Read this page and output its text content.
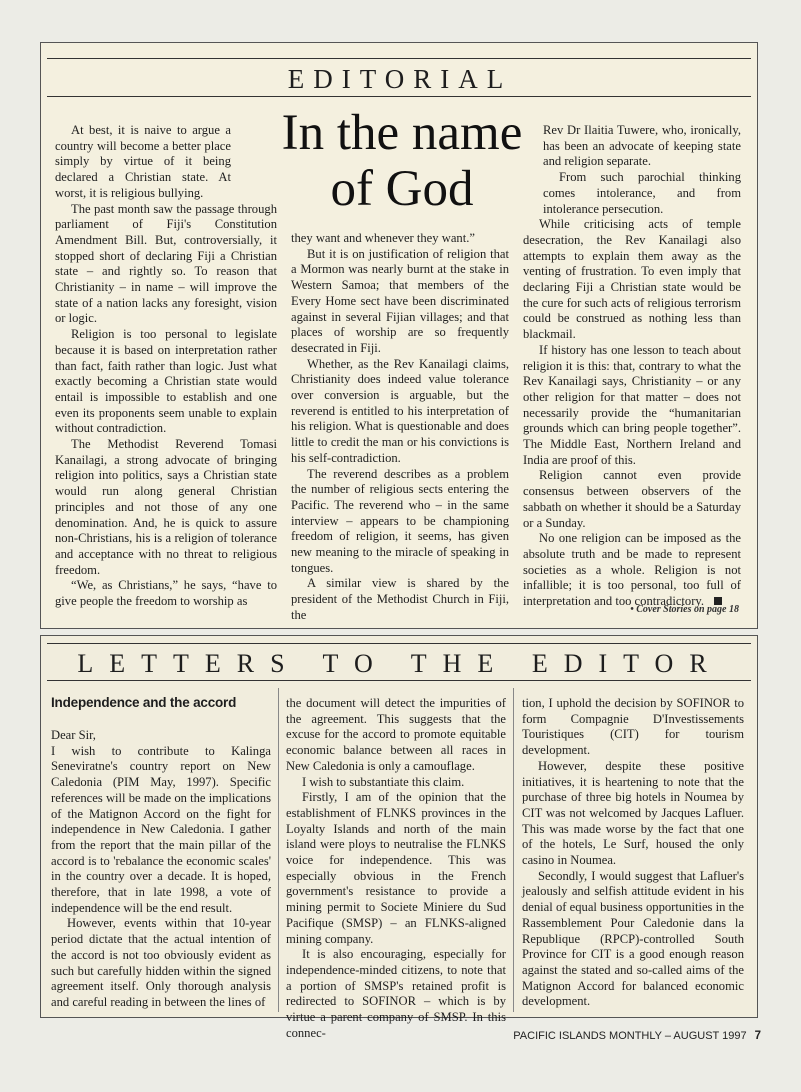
EDITORIAL

At best, it is naive to argue a country will become a better place simply by virtue of it being declared a Christian state. At worst, it is religious bullying.

The past month saw the passage through parliament of Fiji's Constitution Amendment Bill. But, controversially, it stopped short of declaring Fiji a Christian state – and rightly so. To reason that Christianity – in name – will improve the state of a nation lacks any foresight, vision or logic.

Religion is too personal to legislate because it is based on interpretation rather than fact, faith rather than logic. Just what exactly becoming a Christian state would entail is impossible to establish and one even its proponents seem unable to explain without contradiction.

The Methodist Reverend Tomasi Kanailagi, a strong advocate of bringing religion into politics, says a Christian state would run along general Christian principles and not those of any one denomination. And, he is quick to assure non-Christians, his is a religion of tolerance and acceptance with no threat to religious freedom.

“We, as Christians,” he says, “have to give people the freedom to worship as

In the name of God

they want and whenever they want.”

But it is on justification of religion that a Mormon was nearly burnt at the stake in Western Samoa; that members of the Every Home sect have been discriminated against in several Fijian villages; and that places of worship are so frequently desecrated in Fiji.

Whether, as the Rev Kanailagi claims, Christianity does indeed value tolerance over conversion is arguable, but the reverend is entitled to his interpretation of his religion. What is questionable and does little to credit the man or his convictions is his self-contradiction.

The reverend describes as a problem the number of religious sects entering the Pacific. The reverend who – in the same interview – appears to be championing freedom of religion, it seems, has given new meaning to the miracle of speaking in tongues.

A similar view is shared by the president of the Methodist Church in Fiji, the

Rev Dr Ilaitia Tuwere, who, ironically, has been an advocate of keeping state and religion separate.

From such parochial thinking comes intolerance, and from intolerance persecution.

While criticising acts of temple desecration, the Rev Kanailagi also attempts to explain them away as the venting of frustration. To even imply that declaring Fiji a Christian state would be the cure for such acts of religious terrorism could be construed as nothing less than blackmail.

If history has one lesson to teach about religion it is this: that, contrary to what the Rev Kanailagi says, Christianity – or any other religion for that matter – does not necessarily provide the “humanitarian grounds which can bring people together”. The Middle East, Northern Ireland and India are proof of this.

Religion cannot even provide consensus between observers of the sabbath on whether it should be a Saturday or a Sunday.

No one religion can be imposed as the absolute truth and be made to represent societies as a whole. Religion is not infallible; it is too personal, too full of interpretation and too contradictory.

• Cover Stories on page 18
LETTERS TO THE EDITOR
Independence and the accord

Dear Sir,

I wish to contribute to Kalinga Seneviratne's country report on New Caledonia (PIM May, 1997). Specific references will be made on the implications of the Matignon Accord on the fight for independence in New Caledonia. I gather from the report that the main pillar of the accord is to 'rebalance the economic scales' in the country over a decade. It is hoped, therefore, that in late 1998, a vote of independence will be the end result.

However, events within that 10-year period dictate that the actual intention of the accord is not too obviously evident as such but carefully hidden within the signed agreement itself. Only thorough analysis and careful reading in between the lines of

the document will detect the impurities of the agreement. This suggests that the excuse for the accord to promote equitable economic balance between all races in New Caledonia is only a camouflage.

I wish to substantiate this claim.

Firstly, I am of the opinion that the establishment of FLNKS provinces in the Loyalty Islands and north of the main island were ploys to neutralise the FLNKS voice for independence. This was especially obvious in the French government's resistance to provide a mining permit to Societe Miniere du Sud Pacifique (SMSP) – an FLNKS-aligned mining company.

It is also encouraging, especially for independence-minded citizens, to note that a portion of SMSP's retained profit is redirected to SOFINOR – which is by virtue a parent company of SMSP. In this connec-

tion, I uphold the decision by SOFINOR to form Compagnie D'Investissements Touristiques (CIT) for tourism development.

However, despite these positive initiatives, it is heartening to note that the purchase of three big hotels in Noumea by CIT was not welcomed by Jacques Lafluer. This was made worse by the fact that one of the hotels, Le Surf, housed the only casino in Noumea.

Secondly, I would suggest that Lafluer's jealously and selfish attitude evident in his denial of equal business opportunities in the Rassemblement Pour Caledonie dans la Republique (RPCP)-controlled South Province for CIT is a good enough reason against the stated and so-called aims of the Matignon Accord for balanced economic development.

PACIFIC ISLANDS MONTHLY – AUGUST 1997 7
